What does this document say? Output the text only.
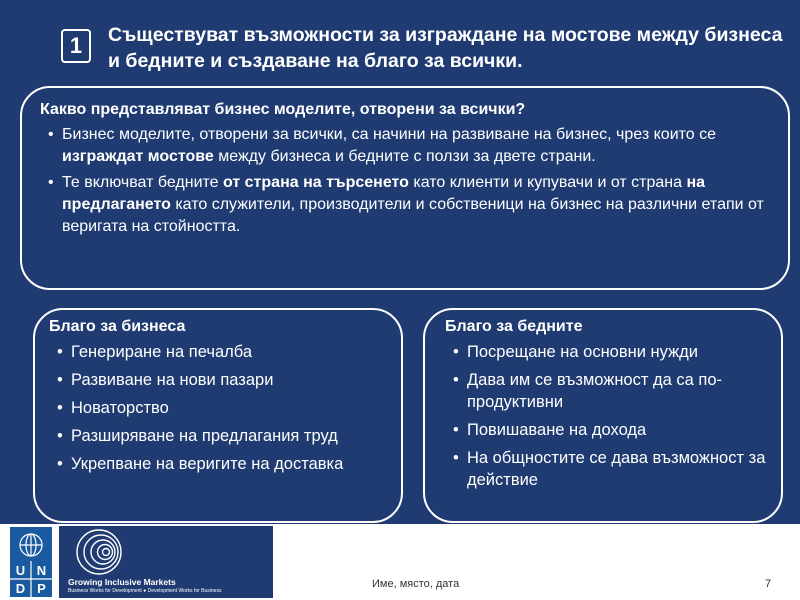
1	Съществуват възможности за изграждане на мостове между бизнеса и бедните и създаване на благо за всички.
Какво представляват бизнес моделите, отворени за всички?
• Бизнес моделите, отворени за всички, са начини на развиване на бизнес, чрез които се изграждат мостове между бизнеса и бедните с ползи за двете страни.
• Те включват бедните от страна на търсенето като клиенти и купувачи и от страна на предлагането като служители, производители и собственици на бизнес на различни етапи от веригата на стойността.
Благо за бизнеса
• Генериране на печалба
• Развиване на нови пазари
• Новаторство
• Разширяване на предлагания труд
• Укрепване на веригите на доставка
Благо за бедните
• Посрещане на основни нужди
• Дава им се възможност да са по-продуктивни
• Повишаване на дохода
• На общностите се дава възможност за действие
U N
D P	Growing Inclusive Markets
Business Works for Development ● Development Works for Business
Име, място, дата	7
